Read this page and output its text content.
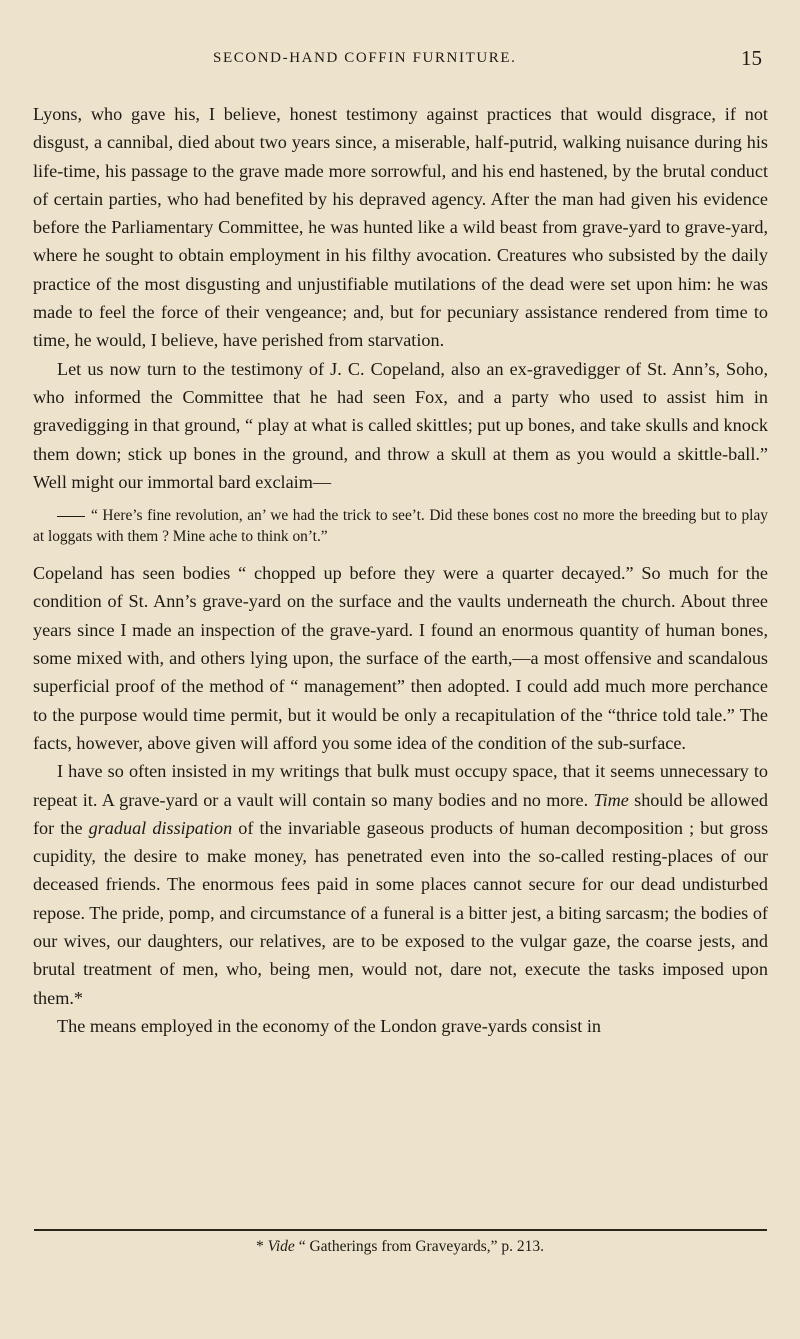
SECOND-HAND COFFIN FURNITURE.	15

Lyons, who gave his, I believe, honest testimony against practices that would disgrace, if not disgust, a cannibal, died about two years since, a miserable, half-putrid, walking nuisance during his life-time, his passage to the grave made more sorrowful, and his end hastened, by the brutal conduct of certain parties, who had benefited by his depraved agency. After the man had given his evidence before the Parliamentary Committee, he was hunted like a wild beast from grave-yard to grave-yard, where he sought to obtain employment in his filthy avocation. Creatures who subsisted by the daily practice of the most disgusting and unjustifiable mutilations of the dead were set upon him: he was made to feel the force of their vengeance; and, but for pecuniary assistance rendered from time to time, he would, I believe, have perished from starvation.

Let us now turn to the testimony of J. C. Copeland, also an ex-gravedigger of St. Ann’s, Soho, who informed the Committee that he had seen Fox, and a party who used to assist him in gravedigging in that ground, “ play at what is called skittles; put up bones, and take skulls and knock them down; stick up bones in the ground, and throw a skull at them as you would a skittle-ball.” Well might our immortal bard exclaim—

“ Here’s fine revolution, an’ we had the trick to see’t. Did these bones cost no more the breeding but to play at loggats with them ? Mine ache to think on’t.”

Copeland has seen bodies “ chopped up before they were a quarter decayed.” So much for the condition of St. Ann’s grave-yard on the surface and the vaults underneath the church. About three years since I made an inspection of the grave-yard. I found an enormous quantity of human bones, some mixed with, and others lying upon, the surface of the earth,—a most offensive and scandalous superficial proof of the method of “ management” then adopted. I could add much more perchance to the purpose would time permit, but it would be only a recapitulation of the “thrice told tale.” The facts, however, above given will afford you some idea of the condition of the sub-surface.

I have so often insisted in my writings that bulk must occupy space, that it seems unnecessary to repeat it. A grave-yard or a vault will contain so many bodies and no more. Time should be allowed for the gradual dissipation of the invariable gaseous products of human decomposition ; but gross cupidity, the desire to make money, has penetrated even into the so-called resting-places of our deceased friends. The enormous fees paid in some places cannot secure for our dead undisturbed repose. The pride, pomp, and circumstance of a funeral is a bitter jest, a biting sarcasm; the bodies of our wives, our daughters, our relatives, are to be exposed to the vulgar gaze, the coarse jests, and brutal treatment of men, who, being men, would not, dare not, execute the tasks imposed upon them.*

The means employed in the economy of the London grave-yards consist in

* Vide “ Gatherings from Graveyards,” p. 213.
